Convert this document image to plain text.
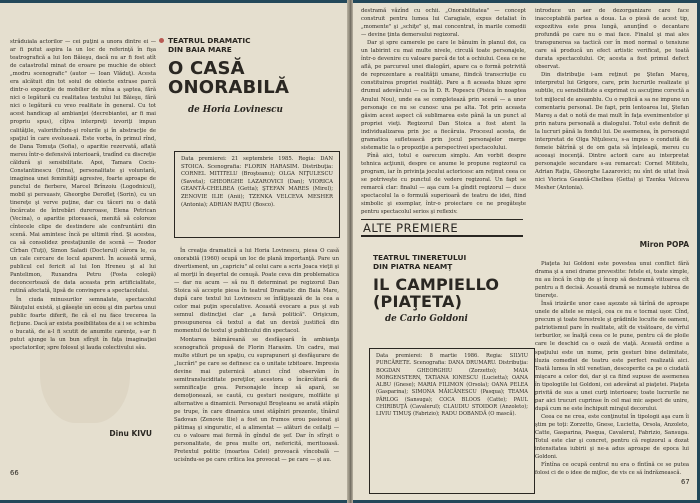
străduiala actorilor — cei puţini a unora dintre ei — ar fi putut aspira la un loc de referinţă în fişa teatrografică a lui Ion Băieşu, dacă nu ar fi fost atît de catastrofal minat de eroare pe muchie de obiect „modru scenografic" (autor — Ioan Vlăduţ). Acesta era alcătuit din tot soiul de obiecte extrase parcă dintr-o expoziţie de mobilier de mîna a şaptea, fără nici o legătură cu realitatea textului lui Băieşu, fără nici o legătură cu vreo realitate în general. Cu tot acest handicap al ambianţei (decrebiantei, ar fi mai propriu spus), cîţiva interpreţi izvoriţi impun calităţile, valorificîndu-şi rolurile şi în abstracţie de spaţiul în care evoluează. Este vorba, în primul rînd, de Dana Tomuţa (Sofia), o aparitie rezervată, aflată mereu într-o defensivă interioară, tradînd cu discreţie căldură şi sensibilitate. Apoi, Tamara Cociu-Constantinescu (Irina), personalitate şi voluntară, imaginea unei feminităţi agresive, foarte aproape de punctul de fierbere, Marcel Brînzoiu (Logodnicul), mobil şi persuasiv, Gheorghe Derofleţ (Sorin), cu un tinereţe şi verve puţine, dar cu tăceri nu o dată încărcate de întrebări dureroase, Elena Petrican (Vecina), o aparitie pitorească, menită să coloreze cîntecele clipe de destindere ale confruntării din scenă. Mai amintesc încă pe ultimii rînd. Şi acestea, ca să consolidez prestaţiunile de scenă — Teodor Cîrban (Tuţi), Simon Saladi (Docterul) cărora le, ca un cale cercare de locul aparent. În această urmă, publicul cel fericit al lui Ion Hreneu şi al lui Pantelimon, Ruxandra Petru (Fosta colegă) deconcertează de data aceasta prin artificialitate, rutină afectată, lipsă de convingere a spectacolului.

În ciuda minusurilor semnalate, spectacolul Băiuţului există, şi găseşte un ecou şi din partea unui public foarte diferit, fie că el nu face trecerea la ficţiune. Dacă ar exista posibilitatea de a i se schimba o bucată, de a-l fi scutit de anumite carenţe, s-ar fi putut ajunge la un bun sfîrşit în faţa imaginaţiei spectatorilor, spre folosul şi lauda colectivului său.

Dinu KIVU
66

TEATRUL DRAMATIC

DIN BAIA MARE

O CASĂ
ONORABILĂ

de Horia Lovinescu

Data premierei: 21 septembrie 1985. Regia: DAN STOICA. Scenografia: FLORIN HARASIM. Distribuţia: CORNEL MITITELU (Broşteanu); OLGA NIŢULESCU (Saveta); GHEORGHE LAZAROVICI (Dan); VIORICA GEANTĂ-CHELBEA (Getta); ŞTEFAN MARES (Mirel); ZENOVIE ILIE (Anii); TZENKA VELCEVA MESHER (Antonia); ADRIAN RAŢIU (Bosco).

În creaţia dramatică a lui Horia Lovinescu, piesa O casă onorabilă (1960) ocupă un loc de plană importanţă. Pare un divertisment, un „capriciu" al celui care a scris Joaca vieţii şi al morţii în deşertul de cenuşă. Poate ceva din problematica — dar nu acum — să nu fi determinat pe regizorul Dan Stoica să accepte piesa în teatrul Dramatic din Baia Mare, după care textul lui Lovinescu se înfăţişează de la cea a celor mai puţin speculative. Această evocare a pus şi sub semnul distincţiei clar „a farsă politică". Orişicum, presupunerea că textul a dat un deviză justifică din momentul de textul şi publicului din spectacol.

Montarea băimăreană se desfăşoară în ambianţa scenografică propusă de Florin Harasim. Un cadru, mai multe stiluri pe un spaţiu, cu suprapuneri şi desfăşurare de „lucrări" pe care se definesc ca o unitate izbitoare. Impresia devine mai puternică atunci cînd observăm în semitransluciditate pereţilor, acestora o încărcătură de semnificaţie grea. Personajele încep să apară, se demoţionează, se caută, cu gesturi nesigure, molfăite şi alternative a dinamicii. Personajul Broşteanu se arată stăpîn pe trupe, în care dinamica unei stăpîniri prezente, tînărul Sadovan (Zenovie Ilie) a fost un frumos erou pasionat şi pătimaş şi singuratic, el a alimentat — alături de ceilalţi — cu o valoare mai fermă în gîndul de şef. Dar în sfîrşit o personalitate, de prea multe ori, nefericită, merituoasă. Pretextul politic (moartea Celei) provoacă vîncobală — ucisîndu-se pe care critica lea provocat — pe care — şi au.

destramă văzînd cu ochii. „Onorabilitatea" — concept construit pentru lumea lui Caragiale, expus detaliat în „momente" şi „schiţe" şi, mai concentrat, în marile comedii — devine ţinta demersului regizoral.

Dar şi spre camerele pe care le bănuim în planul doi, ca un labirint cu mai multe nivele, circulă toate personajele, într-o devenire cu valoare parcă de tot a ochiului. Ceea ce ne află, pe parcursul unei dialogări, apare ca o formă potrivită de reprezentare a realităţii umane, fiindcă transcriuţie cu constituirea propriei realităţi. Pare a fi aceasta bluze spre drumul adevărului — ca în D. R. Popescu (Pisica în noaptea Anului Nou), unde ea se completează prin scenă — a unor personaje ce nu se cunosc una pe alta. Tot prin aceasta găsim acest aspect că sublimarea este până la un punct al propriei vieţi. Regizorul Dan Stoica a fost atent la individualizarea prin joc a fiecăruia. Procesul acesta, de gramatica sufletească prin jocul personajelor merge sistematic la o propoziţie a perspectivei spectacolului.

Pînă aici, totul e oarecum simplu. Am vorbit despre tehnica acţiunii, despre ce anume le propune regizorul ca program, iar în privinţa jocului actoricesc am reţinut ceea ce se potriveşte cu punctul de vedere regizoral. Un fapt se remarcă clar: finalul — aşa cum l-a gîndit regizorul — duce spectacolul la o formulă superioară de teatru de idei, fiind simbolic şi exemplar, într-o proiectare ce ne pregăteşte pentru spectacolul serios şi reflexiv.

introduce un aer de dezorganizare care face inacceptabilă partea a doua. La o piesă de acest tip, expozitiva este prea lungă, anunţînd o decantare profundă pe care nu o mai face. Finalul şi mai ales transpunerea sa tactică cer în mod normal o tensiune care să producă un efect artistic verificat, pe toată durata spectacolului. Or, acesta a fost primul defect observat.

Din distribuţie i-am reţinut pe Ştefan Mareş, interpretul lui Grigore, care, prin lucrurile realizate şi subtile, cu sensibilitate a exprimat cu ascuţime corectă a tot mijlocul de ansamblu. Cu o replică a sa ne impune un comentariu personal. De fapt, prin lentoarea lui, Ştefan Mareş a dat o notă de mai mult în faţa evenimentelor şi prin natura personală a dialogului. Totul este definit de la lucruri până la fondul lui. De asemenea, în personajul interpretat de Olga Niţulescu, s-a impus o conduită de femeie bătrînă şi de om gata să înţeleagă, mereu cu aceeaşi inocenţă. Dintre actorii care au interpretat personajele secundare s-au remarcat: Cornel Mititelu, Adrian Raţiu, Gheorghe Lazarovici; nu sînt de uitat însă nici Viorica Geantă-Chelbea (Getta) şi Tzenka Velceva Mesher (Antonia).

Miron POPA
ALTE PREMIERE

TEATRUL TINERETULUI

DIN PIATRA NEAMŢ

IL CAMPIELLO
(PIAŢETA)

de Carlo Goldoni

Data premierei: 8 martie 1986. Regia: SILVIU PURCĂRETE. Scenografia: DANA DRUMARU. Distribuţia: BOGDAN GHEORGHIU (Zorzetto); MAIA MORGENSTERN, TATIANA IONESCU (Lucietta); OANA ALBU (Gnese); MARIA FILIMON (Orsola); OANA PELEA (Gasparina); SIMONA MĂICĂNESCU (Pasqua); TEAMA PÂRLOG (Sansuga); COCA BLOOS (Catte); PAUL CHIRIBUŢĂ (Cavalerul); CLAUDIU STOIDOR (Anzoleto); LIVIU TIMUŞ (Fabrizio); RADU DOBANDĂ (O mască).

Piaţeta lui Goldoni este povestea unui conflict fără drama şi a unei drame prevestite: fetele ei, toate simple, nu au încă în chip de şi încep să destramă viitoarea cît pentru a fi decisă. Această dramă se numeşte iubirea de tinereţe.

Însă irizările unor case aşezate să tărînă de aproape unele de altele se mişcă, cea ce nu e tocmai ușor. Cînd, precum şi toate ferestrele şi grădinile locuite de oameni, patriotismul pare în realitate, atît de visătoare, de vîrful ierburilor, se înalţă ceea ce le pune, pentru că de ploile care le deschid ca o oază de viaţă. Această ordine a spaţiului este un nume, prin gesturi bine delimitate, iluzia comediei de teatru este perfect realizată aici. Toată lumea în stil venetian, descoperite ca pe o ciudată mişcare a celor doi, dar şi ca fiind supuse de asemenea în tipologiile lui Goldoni, cei adevărat al piaţetei. Piaţeta privită de sus a unei curţi interioare; toate lucrurile ne par aici trucuri cuprinse în cel mai mic aspect de unire, după cum ne este închipuit mirajul decorului.

Ceea ce ne crea, este conţinutul în tipologii aşa cum îi ştim pe toţi: Zorzetto, Gnese, Lucietta, Orsola, Anzoleto, Catte, Gasparina, Pasqua, Cavalerul, Fabrizio, Sansuga. Totul este clar şi concret, pentru că regizorul a dozat intensitatea iubirii şi ne-a adus aproape de epoca lui Goldoni.

Fîntîna ce ocupă centrul nu era o fîntînă ce se putea folosi ci de o idee de mijloc, de vis ce să îndrăznească.

67
